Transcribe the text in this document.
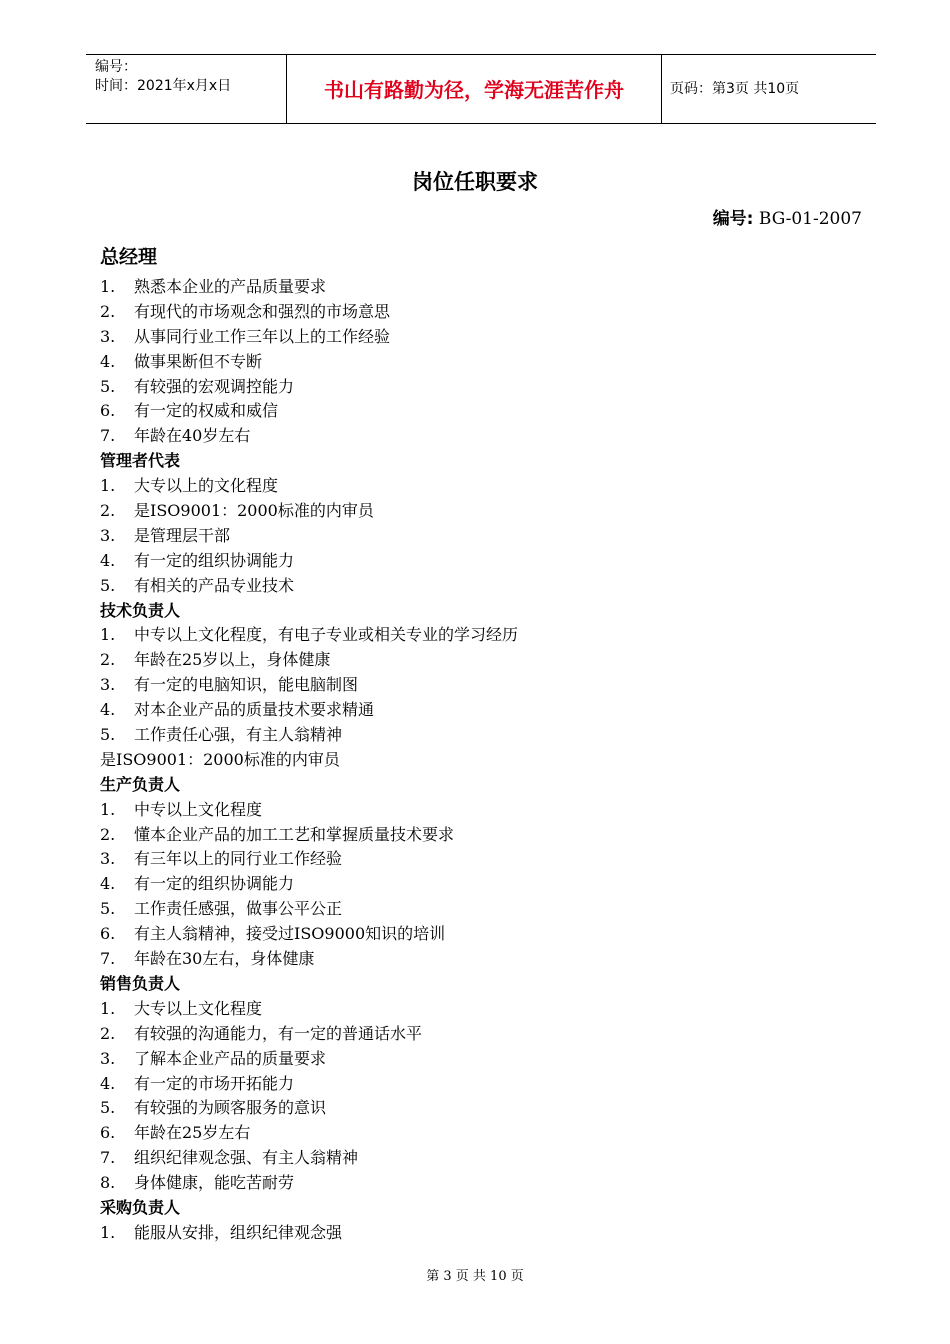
编号：
时间：2021年x月x日	书山有路勤为径，学海无涯苦作舟	页码：第3页 共10页
岗位任职要求
编号: BG-01-2007
总经理
1. 熟悉本企业的产品质量要求
2. 有现代的市场观念和强烈的市场意思
3. 从事同行业工作三年以上的工作经验
4. 做事果断但不专断
5. 有较强的宏观调控能力
6. 有一定的权威和威信
7. 年龄在40岁左右
管理者代表
1. 大专以上的文化程度
2. 是ISO9001：2000标准的内审员
3. 是管理层干部
4. 有一定的组织协调能力
5. 有相关的产品专业技术
技术负责人
1. 中专以上文化程度，有电子专业或相关专业的学习经历
2. 年龄在25岁以上，身体健康
3. 有一定的电脑知识，能电脑制图
4. 对本企业产品的质量技术要求精通
5. 工作责任心强，有主人翁精神
是ISO9001：2000标准的内审员
生产负责人
1. 中专以上文化程度
2. 懂本企业产品的加工工艺和掌握质量技术要求
3. 有三年以上的同行业工作经验
4. 有一定的组织协调能力
5. 工作责任感强，做事公平公正
6. 有主人翁精神，接受过ISO9000知识的培训
7. 年龄在30左右，身体健康
销售负责人
1. 大专以上文化程度
2. 有较强的沟通能力，有一定的普通话水平
3. 了解本企业产品的质量要求
4. 有一定的市场开拓能力
5. 有较强的为顾客服务的意识
6. 年龄在25岁左右
7. 组织纪律观念强、有主人翁精神
8. 身体健康，能吃苦耐劳
采购负责人
1. 能服从安排，组织纪律观念强
第 3 页 共 10 页
